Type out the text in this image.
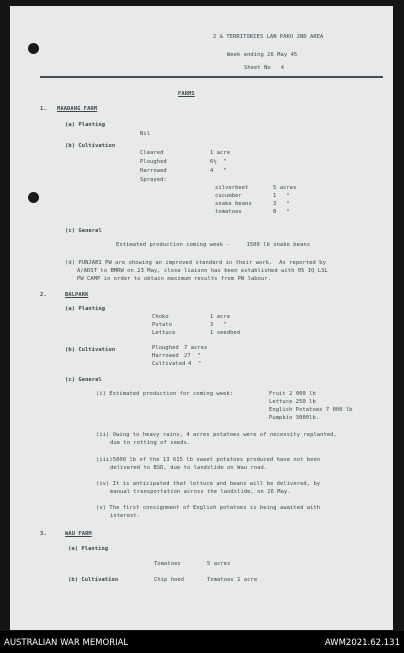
2 & TERRITORIES LAN PAKU 2ND AREA
Week ending 26 May 45
Sheet No   4
FARMS
1. MAADANG FARM
(a) Planting
Nil
(b) Cultivation
Cleared	1 acre
Ploughed	6½  "
Harrowed	4   "
Sprayed:
silverbeet	5 acres
cucumber	1   "
snake beans	3   "
tomatoes	8   "
(c) General
Estimated production coming week -     1500 lb snake beans
(d) PUNJABI PW are showing an improved standard in their work.  As reported by
A/ADST to BMRW on 23 May, close liaison has been established with 05 IQ LSL
PW CAMP in order to obtain maximum results from PW labour.
2.	BALPARK
(a) Planting
Choko	1 acre
Potato	3   "
Lettuce	1 seedbed
(b) Cultivation	Ploughed 7 acres
Harrowed 27  "
Cultivated 4  "
(c) General
(i) Estimated production for coming week:	Fruit 2 000 lb
Lettuce 250 lb
English Potatoes 7 000 lb
Pumpkin 3000lb.
(ii) Owing to heavy rains, 4 acres potatoes were of necessity replanted,
due to rotting of seeds.
(iii)5000 lb of the 13 615 lb sweet potatoes produced have not been
delivered to BSD, due to landslide on Wau road.
(iv) It is anticipated that lettuce and beans will be delivered, by
manual transportation across the landslide, on 26 May.
(v) The first consignment of English potatoes is being awaited with
interest.
3.	WAU FARM
(a) Planting
Tomatoes	5 acres
(b) Cultivation	Chip hoed	Tomatoes 1 acre
AUSTRALIAN WAR MEMORIAL	AWM2021.62.131
